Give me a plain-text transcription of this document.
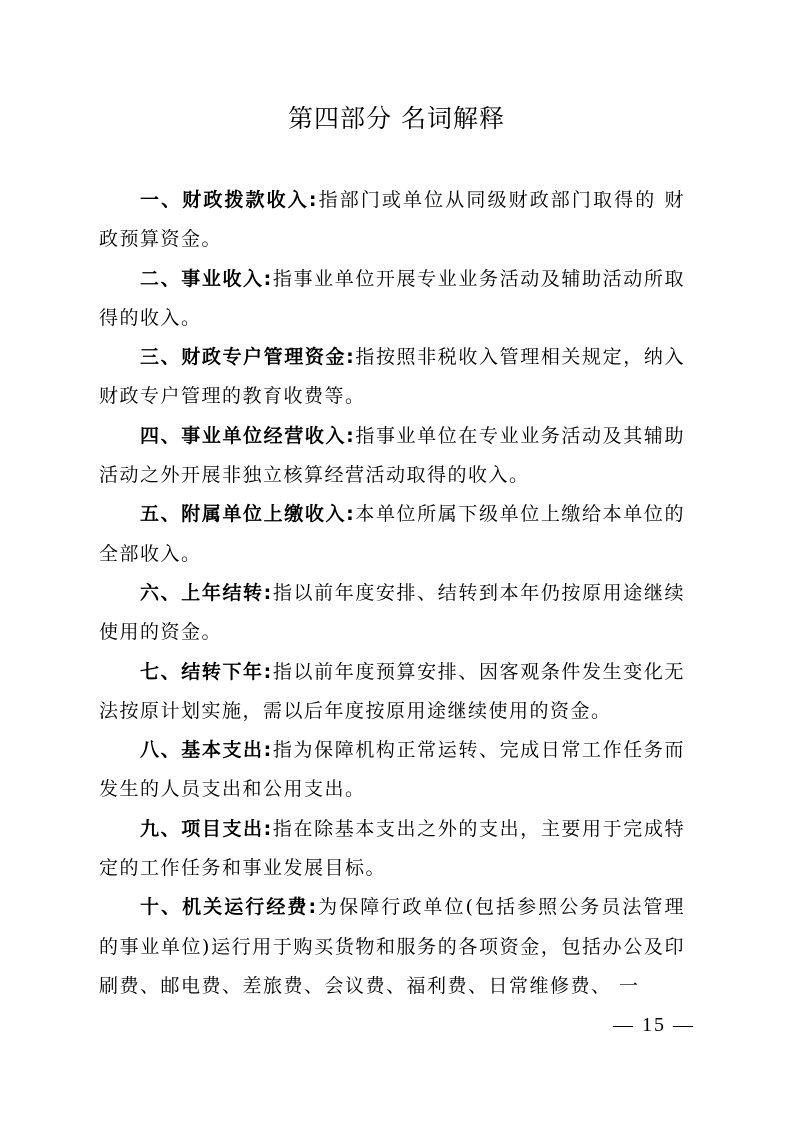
第四部分 名词解释

一、财政拨款收入:指部门或单位从同级财政部门取得的 财政预算资金。

二、事业收入:指事业单位开展专业业务活动及辅助活动所取得的收入。

三、财政专户管理资金:指按照非税收入管理相关规定，纳入财政专户管理的教育收费等。

四、事业单位经营收入:指事业单位在专业业务活动及其辅助活动之外开展非独立核算经营活动取得的收入。

五、附属单位上缴收入:本单位所属下级单位上缴给本单位的全部收入。

六、上年结转:指以前年度安排、结转到本年仍按原用途继续使用的资金。

七、结转下年:指以前年度预算安排、因客观条件发生变化无法按原计划实施，需以后年度按原用途继续使用的资金。

八、基本支出:指为保障机构正常运转、完成日常工作任务而发生的人员支出和公用支出。

九、项目支出:指在除基本支出之外的支出，主要用于完成特定的工作任务和事业发展目标。

十、机关运行经费:为保障行政单位(包括参照公务员法管理的事业单位)运行用于购买货物和服务的各项资金，包括办公及印刷费、邮电费、差旅费、会议费、福利费、日常维修费、 一

— 15 —
